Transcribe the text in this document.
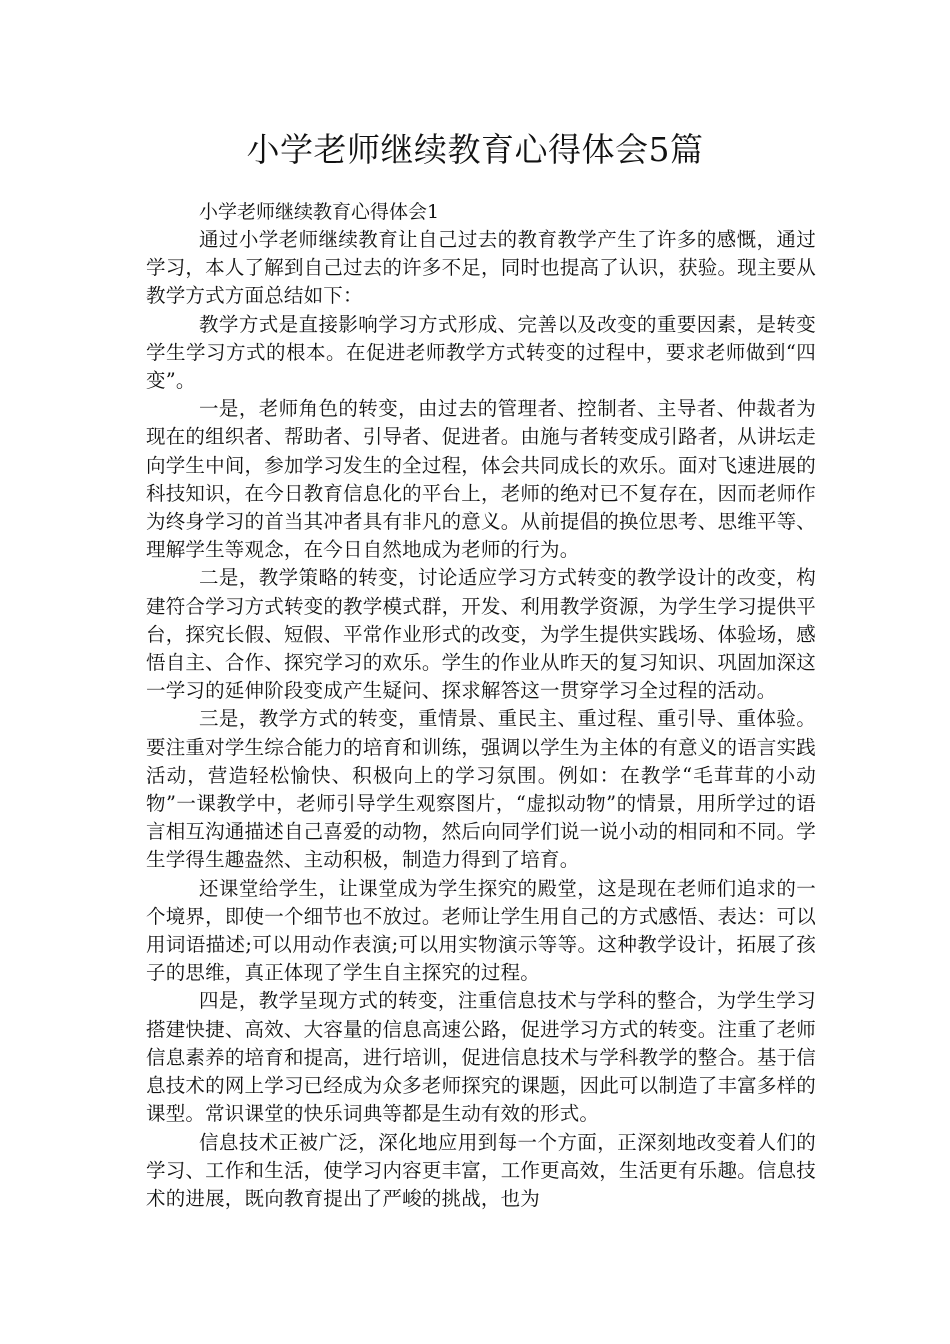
小学老师继续教育心得体会5篇

小学老师继续教育心得体会1

通过小学老师继续教育让自己过去的教育教学产生了许多的感慨，通过学习，本人了解到自己过去的许多不足，同时也提高了认识，获验。现主要从教学方式方面总结如下：

教学方式是直接影响学习方式形成、完善以及改变的重要因素，是转变学生学习方式的根本。在促进老师教学方式转变的过程中，要求老师做到“四变”。

一是，老师角色的转变，由过去的管理者、控制者、主导者、仲裁者为现在的组织者、帮助者、引导者、促进者。由施与者转变成引路者，从讲坛走向学生中间，参加学习发生的全过程，体会共同成长的欢乐。面对飞速进展的科技知识，在今日教育信息化的平台上，老师的绝对已不复存在，因而老师作为终身学习的首当其冲者具有非凡的意义。从前提倡的换位思考、思维平等、理解学生等观念，在今日自然地成为老师的行为。

二是，教学策略的转变，讨论适应学习方式转变的教学设计的改变，构建符合学习方式转变的教学模式群，开发、利用教学资源，为学生学习提供平台，探究长假、短假、平常作业形式的改变，为学生提供实践场、体验场，感悟自主、合作、探究学习的欢乐。学生的作业从昨天的复习知识、巩固加深这一学习的延伸阶段变成产生疑问、探求解答这一贯穿学习全过程的活动。

三是，教学方式的转变，重情景、重民主、重过程、重引导、重体验。要注重对学生综合能力的培育和训练，强调以学生为主体的有意义的语言实践活动，营造轻松愉快、积极向上的学习氛围。例如：在教学“毛茸茸的小动物”一课教学中，老师引导学生观察图片，“虚拟动物”的情景，用所学过的语言相互沟通描述自己喜爱的动物，然后向同学们说一说小动的相同和不同。学生学得生趣盎然、主动积极，制造力得到了培育。

还课堂给学生，让课堂成为学生探究的殿堂，这是现在老师们追求的一个境界，即使一个细节也不放过。老师让学生用自己的方式感悟、表达：可以用词语描述;可以用动作表演;可以用实物演示等等。这种教学设计，拓展了孩子的思维，真正体现了学生自主探究的过程。

四是，教学呈现方式的转变，注重信息技术与学科的整合，为学生学习搭建快捷、高效、大容量的信息高速公路，促进学习方式的转变。注重了老师信息素养的培育和提高，进行培训，促进信息技术与学科教学的整合。基于信息技术的网上学习已经成为众多老师探究的课题，因此可以制造了丰富多样的课型。常识课堂的快乐词典等都是生动有效的形式。

信息技术正被广泛，深化地应用到每一个方面，正深刻地改变着人们的学习、工作和生活，使学习内容更丰富，工作更高效，生活更有乐趣。信息技术的进展，既向教育提出了严峻的挑战，也为
